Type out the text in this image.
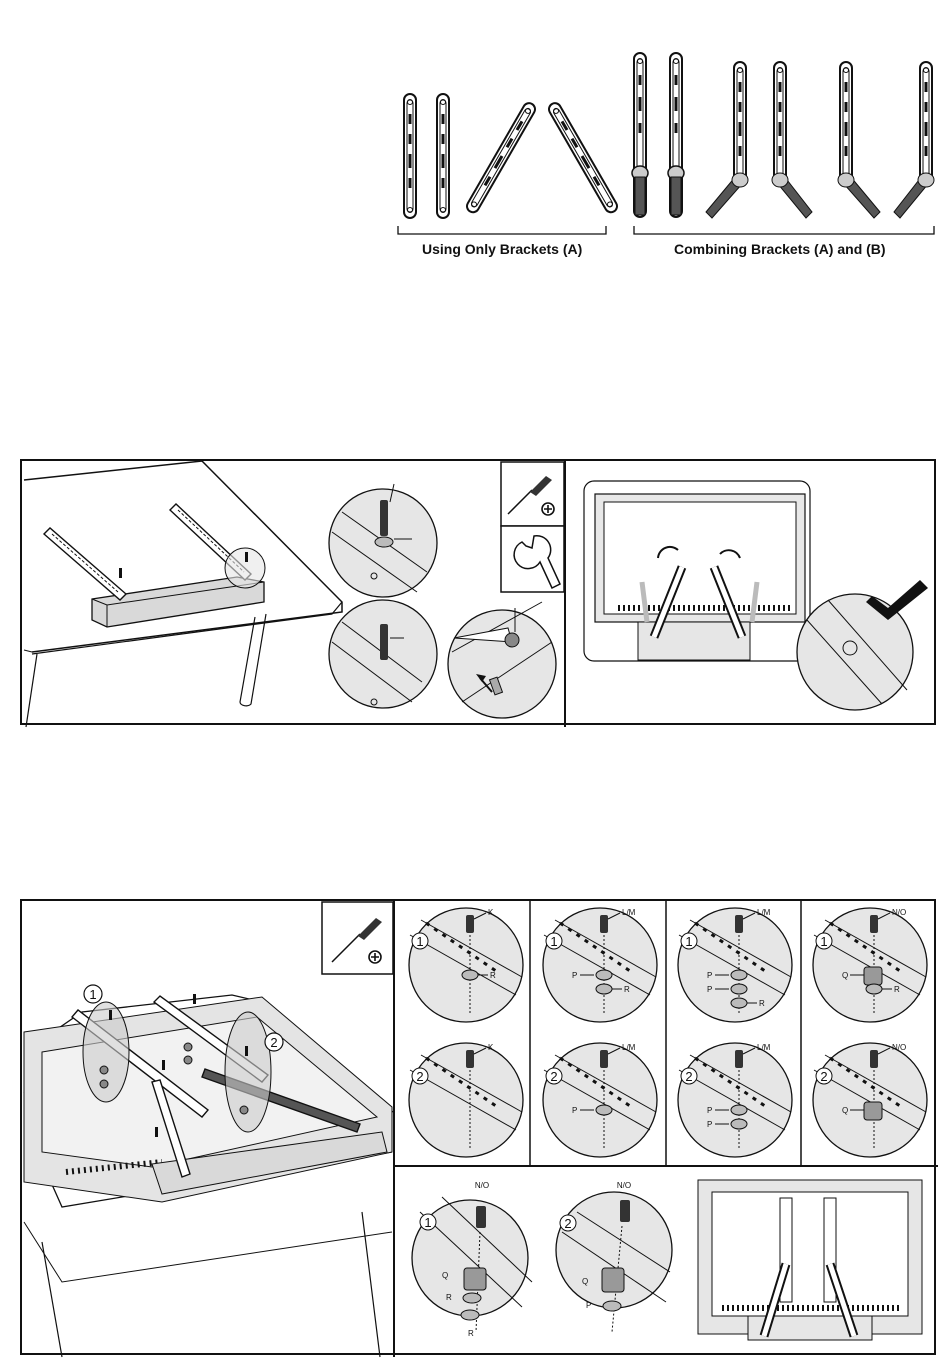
Using Only Brackets (A)	Combining Brackets (A) and (B)
1
2
1
K
R
2
K
1
L/M
P
R
2
L/M
P
1
L/M
P
P
R
2
L/M
P
P
1
N/O
Q
R
2
N/O
Q
1
N/O
Q
R
R
2
N/O
Q
P
